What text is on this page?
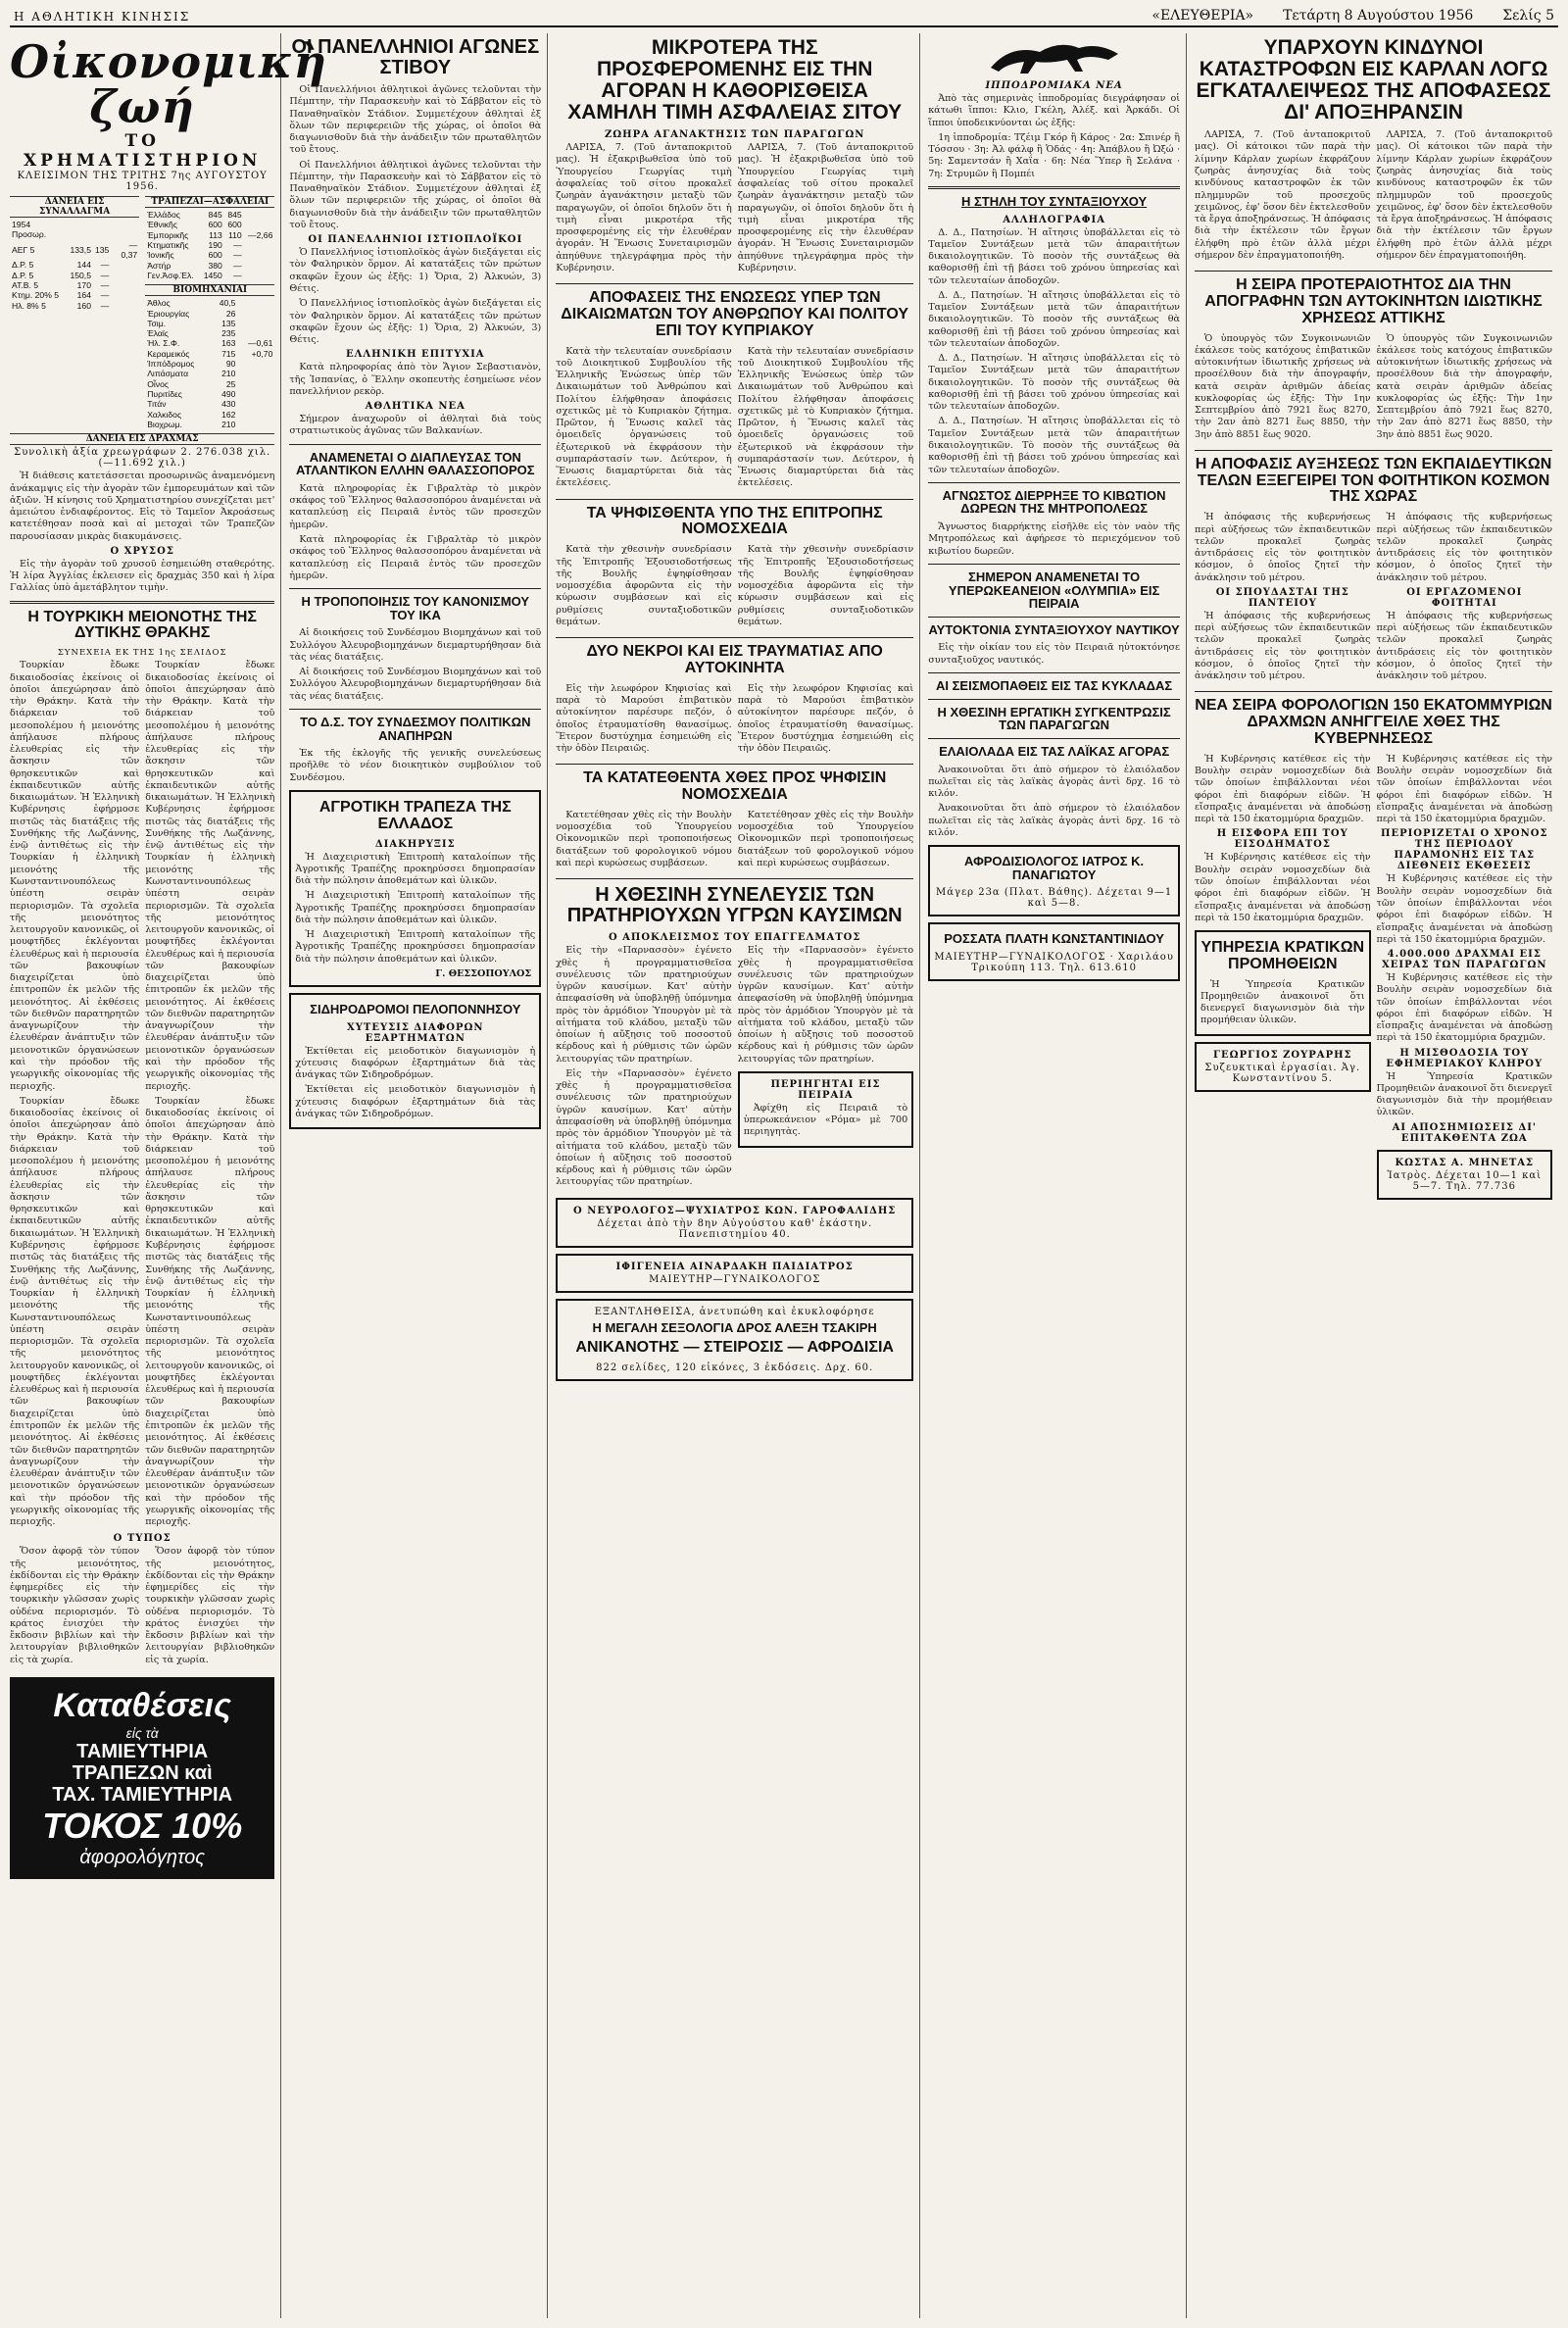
Η ΑΘΛΗΤΙΚΗ ΚΙΝΗΣΙΣ	«ΕΛΕΥΘΕΡΙΑ» Τετάρτη 8 Αυγούστου 1956 Σελίς 5
Οἰκονομικὴ ζωή
ΤΟ ΧΡΗΜΑΤΙΣΤΗΡΙΟΝ
ΚΛΕΙΣΙΜΟΝ ΤΗΣ ΤΡΙΤΗΣ 7ης ΑΥΓΟΥΣΤΟΥ 1956.
ΔΑΝΕΙΑ ΕΙΣ ΣΥΝΑΛΛΑΓΜΑ
1954 Προσωρ.			
ΑΕΓ 5	133,5	135	—0,37
Δ.Ρ. 5	144	—	
Δ.Ρ. 5	150,5	—	
ΑΤ.Β. 5	170	—	
Κτημ. 20% 5	164	—	
Ηλ. 8% 5	160	—	
ΤΡΑΠΕΖΑΙ—ΑΣΦΑΛΕΙΑΙ
Ἑλλάδος	845	845	
Ἐθνικῆς	600	600	
Ἐμπορικῆς	113	110	—2,66
Κτηματικῆς	190	—	
Ἰονικῆς	600	—	
Ἀστήρ	380	—	
Γεν.Ἀσφ.Ἑλ.	1450	—	
ΒΙΟΜΗΧΑΝΙΑΙ
Ἀθλος	40,5	
Ἐριουργίας	26	
Τσιμ.	135	
Ἐλαϊς	235	
Ἠλ. Σ.Φ.	163	—0,61
Κεραμεικός	715	+0,70
Ἱππόδρομος	90	
Λιπάσματα	210	
Οἶνος	25	
Πυριτίδες	490	
Τιτάν	430	
Χαλκιδος	162	
Βιοχρωμ.	210	
ΔΑΝΕΙΑ ΕΙΣ ΔΡΑΧΜΑΣ
Συνολικὴ ἀξία χρεωγράφων 2. 276.038 χιλ. (—11.692 χιλ.)

Ἡ διάθεσις κατετάσσεται προσωρινῶς ἀναμενόμενη ἀνάκαμψις εἰς τὴν ἀγορὰν τῶν ἐμπορευμάτων καὶ τῶν ἀξιῶν. Ἡ κίνησις τοῦ Χρηματιστηρίου συνεχίζεται μετ' ἀμειώτου ἐνδιαφέροντος. Εἰς τὸ Ταμεῖον Ἀκροάσεως κατετέθησαν ποσὰ καὶ αἱ μετοχαὶ τῶν Τραπεζῶν παρουσίασαν μικρὰς διακυμάνσεις.

Ο ΧΡΥΣΟΣ

Εἰς τὴν ἀγορὰν τοῦ χρυσοῦ ἐσημειώθη σταθερότης. Ἡ λίρα Ἀγγλίας ἐκλεισεν εἰς δραχμὰς 350 καὶ ἡ λίρα Γαλλίας ὑπὸ ἀμετάβλητον τιμὴν.

Η ΤΟΥΡΚΙΚΗ ΜΕΙΟΝΟΤΗΣ ΤΗΣ ΔΥΤΙΚΗΣ ΘΡΑΚΗΣ
ΣΥΝΕΧΕΙΑ ΕΚ ΤΗΣ 1ης ΣΕΛΙΔΟΣ

Τουρκίαν ἔδωκε δικαιοδοσίας ἐκείνοις οἱ ὁποῖοι ἀπεχώρησαν ἀπὸ τὴν Θράκην. Κατὰ τὴν διάρκειαν τοῦ μεσοπολέμου ἡ μειονότης ἀπήλαυσε πλήρους ἐλευθερίας εἰς τὴν ἄσκησιν τῶν θρησκευτικῶν καὶ ἐκπαιδευτικῶν αὐτῆς δικαιωμάτων. Ἡ Ἑλληνικὴ Κυβέρνησις ἐφήρμοσε πιστῶς τὰς διατάξεις τῆς Συνθήκης τῆς Λωζάννης, ἐνῷ ἀντιθέτως εἰς τὴν Τουρκίαν ἡ ἑλληνικὴ μειονότης τῆς Κωνσταντινουπόλεως ὑπέστη σειρὰν περιορισμῶν. Τὰ σχολεῖα τῆς μειονότητος λειτουργοῦν κανονικῶς, οἱ μουφτῆδες ἐκλέγονται ἐλευθέρως καὶ ἡ περιουσία τῶν βακουφίων διαχειρίζεται ὑπὸ ἐπιτροπῶν ἐκ μελῶν τῆς μειονότητος. Αἱ ἐκθέσεις τῶν διεθνῶν παρατηρητῶν ἀναγνωρίζουν τὴν ἐλευθέραν ἀνάπτυξιν τῶν μειονοτικῶν ὀργανώσεων καὶ τὴν πρόοδον τῆς γεωργικῆς οἰκονομίας τῆς περιοχῆς.

Τουρκίαν ἔδωκε δικαιοδοσίας ἐκείνοις οἱ ὁποῖοι ἀπεχώρησαν ἀπὸ τὴν Θράκην. Κατὰ τὴν διάρκειαν τοῦ μεσοπολέμου ἡ μειονότης ἀπήλαυσε πλήρους ἐλευθερίας εἰς τὴν ἄσκησιν τῶν θρησκευτικῶν καὶ ἐκπαιδευτικῶν αὐτῆς δικαιωμάτων. Ἡ Ἑλληνικὴ Κυβέρνησις ἐφήρμοσε πιστῶς τὰς διατάξεις τῆς Συνθήκης τῆς Λωζάννης, ἐνῷ ἀντιθέτως εἰς τὴν Τουρκίαν ἡ ἑλληνικὴ μειονότης τῆς Κωνσταντινουπόλεως ὑπέστη σειρὰν περιορισμῶν. Τὰ σχολεῖα τῆς μειονότητος λειτουργοῦν κανονικῶς, οἱ μουφτῆδες ἐκλέγονται ἐλευθέρως καὶ ἡ περιουσία τῶν βακουφίων διαχειρίζεται ὑπὸ ἐπιτροπῶν ἐκ μελῶν τῆς μειονότητος. Αἱ ἐκθέσεις τῶν διεθνῶν παρατηρητῶν ἀναγνωρίζουν τὴν ἐλευθέραν ἀνάπτυξιν τῶν μειονοτικῶν ὀργανώσεων καὶ τὴν πρόοδον τῆς γεωργικῆς οἰκονομίας τῆς περιοχῆς.

Τουρκίαν ἔδωκε δικαιοδοσίας ἐκείνοις οἱ ὁποῖοι ἀπεχώρησαν ἀπὸ τὴν Θράκην. Κατὰ τὴν διάρκειαν τοῦ μεσοπολέμου ἡ μειονότης ἀπήλαυσε πλήρους ἐλευθερίας εἰς τὴν ἄσκησιν τῶν θρησκευτικῶν καὶ ἐκπαιδευτικῶν αὐτῆς δικαιωμάτων. Ἡ Ἑλληνικὴ Κυβέρνησις ἐφήρμοσε πιστῶς τὰς διατάξεις τῆς Συνθήκης τῆς Λωζάννης, ἐνῷ ἀντιθέτως εἰς τὴν Τουρκίαν ἡ ἑλληνικὴ μειονότης τῆς Κωνσταντινουπόλεως ὑπέστη σειρὰν περιορισμῶν. Τὰ σχολεῖα τῆς μειονότητος λειτουργοῦν κανονικῶς, οἱ μουφτῆδες ἐκλέγονται ἐλευθέρως καὶ ἡ περιουσία τῶν βακουφίων διαχειρίζεται ὑπὸ ἐπιτροπῶν ἐκ μελῶν τῆς μειονότητος. Αἱ ἐκθέσεις τῶν διεθνῶν παρατηρητῶν ἀναγνωρίζουν τὴν ἐλευθέραν ἀνάπτυξιν τῶν μειονοτικῶν ὀργανώσεων καὶ τὴν πρόοδον τῆς γεωργικῆς οἰκονομίας τῆς περιοχῆς.

Τουρκίαν ἔδωκε δικαιοδοσίας ἐκείνοις οἱ ὁποῖοι ἀπεχώρησαν ἀπὸ τὴν Θράκην. Κατὰ τὴν διάρκειαν τοῦ μεσοπολέμου ἡ μειονότης ἀπήλαυσε πλήρους ἐλευθερίας εἰς τὴν ἄσκησιν τῶν θρησκευτικῶν καὶ ἐκπαιδευτικῶν αὐτῆς δικαιωμάτων. Ἡ Ἑλληνικὴ Κυβέρνησις ἐφήρμοσε πιστῶς τὰς διατάξεις τῆς Συνθήκης τῆς Λωζάννης, ἐνῷ ἀντιθέτως εἰς τὴν Τουρκίαν ἡ ἑλληνικὴ μειονότης τῆς Κωνσταντινουπόλεως ὑπέστη σειρὰν περιορισμῶν. Τὰ σχολεῖα τῆς μειονότητος λειτουργοῦν κανονικῶς, οἱ μουφτῆδες ἐκλέγονται ἐλευθέρως καὶ ἡ περιουσία τῶν βακουφίων διαχειρίζεται ὑπὸ ἐπιτροπῶν ἐκ μελῶν τῆς μειονότητος. Αἱ ἐκθέσεις τῶν διεθνῶν παρατηρητῶν ἀναγνωρίζουν τὴν ἐλευθέραν ἀνάπτυξιν τῶν μειονοτικῶν ὀργανώσεων καὶ τὴν πρόοδον τῆς γεωργικῆς οἰκονομίας τῆς περιοχῆς.

Ο ΤΥΠΟΣ

Ὅσον ἀφορᾷ τὸν τύπον τῆς μειονότητος, ἐκδίδονται εἰς τὴν Θράκην ἐφημερίδες εἰς τὴν τουρκικὴν γλῶσσαν χωρὶς οὐδένα περιορισμόν. Τὸ κράτος ἐνισχύει τὴν ἔκδοσιν βιβλίων καὶ τὴν λειτουργίαν βιβλιοθηκῶν εἰς τὰ χωρία.

Ὅσον ἀφορᾷ τὸν τύπον τῆς μειονότητος, ἐκδίδονται εἰς τὴν Θράκην ἐφημερίδες εἰς τὴν τουρκικὴν γλῶσσαν χωρὶς οὐδένα περιορισμόν. Τὸ κράτος ἐνισχύει τὴν ἔκδοσιν βιβλίων καὶ τὴν λειτουργίαν βιβλιοθηκῶν εἰς τὰ χωρία.

Καταθέσεις
εἰς τὰ
ΤΑΜΙΕΥΤΗΡΙΑ
ΤΡΑΠΕΖΩΝ καὶ
ΤΑΧ. ΤΑΜΙΕΥΤΗΡΙΑ
ΤΟΚΟΣ 10%
ἀφορολόγητος
ΟΙ ΠΑΝΕΛΛΗΝΙΟΙ ΑΓΩΝΕΣ ΣΤΙΒΟΥ

Οἱ Πανελλήνιοι ἀθλητικοὶ ἀγῶνες τελοῦνται τὴν Πέμπτην, τὴν Παρασκευὴν καὶ τὸ Σάββατον εἰς τὸ Παναθηναϊκὸν Στάδιον. Συμμετέχουν ἀθληταὶ ἐξ ὅλων τῶν περιφερειῶν τῆς χώρας, οἱ ὁποῖοι θὰ διαγωνισθοῦν διὰ τὴν ἀνάδειξιν τῶν πρωταθλητῶν τοῦ ἔτους.

Οἱ Πανελλήνιοι ἀθλητικοὶ ἀγῶνες τελοῦνται τὴν Πέμπτην, τὴν Παρασκευὴν καὶ τὸ Σάββατον εἰς τὸ Παναθηναϊκὸν Στάδιον. Συμμετέχουν ἀθληταὶ ἐξ ὅλων τῶν περιφερειῶν τῆς χώρας, οἱ ὁποῖοι θὰ διαγωνισθοῦν διὰ τὴν ἀνάδειξιν τῶν πρωταθλητῶν τοῦ ἔτους.

ΟΙ ΠΑΝΕΛΛΗΝΙΟΙ ΙΣΤΙΟΠΛΟΪΚΟΙ

Ὁ Πανελλήνιος ἱστιοπλοϊκὸς ἀγὼν διεξάγεται εἰς τὸν Φαληρικὸν ὅρμον. Αἱ κατατάξεις τῶν πρώτων σκαφῶν ἔχουν ὡς ἑξῆς: 1) Ὄρια, 2) Ἀλκυών, 3) Θέτις.

Ὁ Πανελλήνιος ἱστιοπλοϊκὸς ἀγὼν διεξάγεται εἰς τὸν Φαληρικὸν ὅρμον. Αἱ κατατάξεις τῶν πρώτων σκαφῶν ἔχουν ὡς ἑξῆς: 1) Ὄρια, 2) Ἀλκυών, 3) Θέτις.

ΕΛΛΗΝΙΚΗ ΕΠΙΤΥΧΙΑ

Κατὰ πληροφορίας ἀπὸ τὸν Ἄγιον Σεβαστιανὸν, τῆς Ἱσπανίας, ὁ Ἕλλην σκοπευτὴς ἐσημείωσε νέον πανελλήνιον ρεκὸρ.

ΑΘΛΗΤΙΚΑ ΝΕΑ

Σήμερον ἀναχωροῦν οἱ ἀθληταὶ διὰ τοὺς στρατιωτικοὺς ἀγῶνας τῶν Βαλκανίων.

ΑΝΑΜΕΝΕΤΑΙ Ο ΔΙΑΠΛΕΥΣΑΣ ΤΟΝ ΑΤΛΑΝΤΙΚΟΝ ΕΛΛΗΝ ΘΑΛΑΣΣΟΠΟΡΟΣ

Κατὰ πληροφορίας ἐκ Γιβραλτὰρ τὸ μικρὸν σκάφος τοῦ Ἕλληνος θαλασσοπόρου ἀναμένεται νὰ καταπλεύσῃ εἰς Πειραιᾶ ἐντὸς τῶν προσεχῶν ἡμερῶν.

Κατὰ πληροφορίας ἐκ Γιβραλτὰρ τὸ μικρὸν σκάφος τοῦ Ἕλληνος θαλασσοπόρου ἀναμένεται νὰ καταπλεύσῃ εἰς Πειραιᾶ ἐντὸς τῶν προσεχῶν ἡμερῶν.

Η ΤΡΟΠΟΠΟΙΗΣΙΣ ΤΟΥ ΚΑΝΟΝΙΣΜΟΥ ΤΟΥ ΙΚΑ

Αἱ διοικήσεις τοῦ Συνδέσμου Βιομηχάνων καὶ τοῦ Συλλόγου Ἀλευροβιομηχάνων διεμαρτυρήθησαν διὰ τὰς νέας διατάξεις.

Αἱ διοικήσεις τοῦ Συνδέσμου Βιομηχάνων καὶ τοῦ Συλλόγου Ἀλευροβιομηχάνων διεμαρτυρήθησαν διὰ τὰς νέας διατάξεις.

ΤΟ Δ.Σ. ΤΟΥ ΣΥΝΔΕΣΜΟΥ ΠΟΛΙΤΙΚΩΝ ΑΝΑΠΗΡΩΝ

Ἐκ τῆς ἐκλογῆς τῆς γενικῆς συνελεύσεως προῆλθε τὸ νέον διοικητικὸν συμβούλιον τοῦ Συνδέσμου.

ΑΓΡΟΤΙΚΗ ΤΡΑΠΕΖΑ ΤΗΣ ΕΛΛΑΔΟΣ
ΔΙΑΚΗΡΥΞΙΣ

Ἡ Διαχειριστικὴ Ἐπιτροπὴ καταλοίπων τῆς Ἀγροτικῆς Τραπέζης προκηρύσσει δημοπρασίαν διὰ τὴν πώλησιν ἀποθεμάτων καὶ ὑλικῶν.

Ἡ Διαχειριστικὴ Ἐπιτροπὴ καταλοίπων τῆς Ἀγροτικῆς Τραπέζης προκηρύσσει δημοπρασίαν διὰ τὴν πώλησιν ἀποθεμάτων καὶ ὑλικῶν.

Ἡ Διαχειριστικὴ Ἐπιτροπὴ καταλοίπων τῆς Ἀγροτικῆς Τραπέζης προκηρύσσει δημοπρασίαν διὰ τὴν πώλησιν ἀποθεμάτων καὶ ὑλικῶν.

Γ. ΘΕΣΣΟΠΟΥΛΟΣ
ΣΙΔΗΡΟΔΡΟΜΟΙ ΠΕΛΟΠΟΝΝΗΣΟΥ
ΧΥΤΕΥΣΙΣ ΔΙΑΦΟΡΩΝ ΕΞΑΡΤΗΜΑΤΩΝ

Ἐκτίθεται εἰς μειοδοτικὸν διαγωνισμὸν ἡ χύτευσις διαφόρων ἐξαρτημάτων διὰ τὰς ἀνάγκας τῶν Σιδηροδρόμων.

Ἐκτίθεται εἰς μειοδοτικὸν διαγωνισμὸν ἡ χύτευσις διαφόρων ἐξαρτημάτων διὰ τὰς ἀνάγκας τῶν Σιδηροδρόμων.

ΜΙΚΡΟΤΕΡΑ ΤΗΣ ΠΡΟΣΦΕΡΟΜΕΝΗΣ ΕΙΣ ΤΗΝ ΑΓΟΡΑΝ Η ΚΑΘΟΡΙΣΘΕΙΣΑ ΧΑΜΗΛΗ ΤΙΜΗ ΑΣΦΑΛΕΙΑΣ ΣΙΤΟΥ
ΖΩΗΡΑ ΑΓΑΝΑΚΤΗΣΙΣ ΤΩΝ ΠΑΡΑΓΩΓΩΝ

ΛΑΡΙΣΑ, 7. (Τοῦ ἀνταποκριτοῦ μας). Ἡ ἐξακριβωθεῖσα ὑπὸ τοῦ Ὑπουργείου Γεωργίας τιμὴ ἀσφαλείας τοῦ σίτου προκαλεῖ ζωηρὰν ἀγανάκτησιν μεταξὺ τῶν παραγωγῶν, οἱ ὁποῖοι δηλοῦν ὅτι ἡ τιμὴ εἶναι μικροτέρα τῆς προσφερομένης εἰς τὴν ἐλευθέραν ἀγοράν. Ἡ Ἕνωσις Συνεταιρισμῶν ἀπηύθυνε τηλεγράφημα πρὸς τὴν Κυβέρνησιν.

ΛΑΡΙΣΑ, 7. (Τοῦ ἀνταποκριτοῦ μας). Ἡ ἐξακριβωθεῖσα ὑπὸ τοῦ Ὑπουργείου Γεωργίας τιμὴ ἀσφαλείας τοῦ σίτου προκαλεῖ ζωηρὰν ἀγανάκτησιν μεταξὺ τῶν παραγωγῶν, οἱ ὁποῖοι δηλοῦν ὅτι ἡ τιμὴ εἶναι μικροτέρα τῆς προσφερομένης εἰς τὴν ἐλευθέραν ἀγοράν. Ἡ Ἕνωσις Συνεταιρισμῶν ἀπηύθυνε τηλεγράφημα πρὸς τὴν Κυβέρνησιν.

ΑΠΟΦΑΣΕΙΣ ΤΗΣ ΕΝΩΣΕΩΣ ΥΠΕΡ ΤΩΝ ΔΙΚΑΙΩΜΑΤΩΝ ΤΟΥ ΑΝΘΡΩΠΟΥ ΚΑΙ ΠΟΛΙΤΟΥ ΕΠΙ ΤΟΥ ΚΥΠΡΙΑΚΟΥ

Κατὰ τὴν τελευταίαν συνεδρίασιν τοῦ Διοικητικοῦ Συμβουλίου τῆς Ἑλληνικῆς Ἑνώσεως ὑπὲρ τῶν Δικαιωμάτων τοῦ Ἀνθρώπου καὶ Πολίτου ἐλήφθησαν ἀποφάσεις σχετικῶς μὲ τὸ Κυπριακὸν ζήτημα. Πρῶτον, ἡ Ἕνωσις καλεῖ τὰς ὁμοειδεῖς ὀργανώσεις τοῦ ἐξωτερικοῦ νὰ ἐκφράσουν τὴν συμπαράστασίν των. Δεύτερον, ἡ Ἕνωσις διαμαρτύρεται διὰ τὰς ἐκτελέσεις.

Κατὰ τὴν τελευταίαν συνεδρίασιν τοῦ Διοικητικοῦ Συμβουλίου τῆς Ἑλληνικῆς Ἑνώσεως ὑπὲρ τῶν Δικαιωμάτων τοῦ Ἀνθρώπου καὶ Πολίτου ἐλήφθησαν ἀποφάσεις σχετικῶς μὲ τὸ Κυπριακὸν ζήτημα. Πρῶτον, ἡ Ἕνωσις καλεῖ τὰς ὁμοειδεῖς ὀργανώσεις τοῦ ἐξωτερικοῦ νὰ ἐκφράσουν τὴν συμπαράστασίν των. Δεύτερον, ἡ Ἕνωσις διαμαρτύρεται διὰ τὰς ἐκτελέσεις.

ΤΑ ΨΗΦΙΣΘΕΝΤΑ ΥΠΟ ΤΗΣ ΕΠΙΤΡΟΠΗΣ ΝΟΜΟΣΧΕΔΙΑ

Κατὰ τὴν χθεσινὴν συνεδρίασιν τῆς Ἐπιτροπῆς Ἐξουσιοδοτήσεως τῆς Βουλῆς ἐψηφίσθησαν νομοσχέδια ἀφορῶντα εἰς τὴν κύρωσιν συμβάσεων καὶ εἰς ρυθμίσεις συνταξιοδοτικῶν θεμάτων.

Κατὰ τὴν χθεσινὴν συνεδρίασιν τῆς Ἐπιτροπῆς Ἐξουσιοδοτήσεως τῆς Βουλῆς ἐψηφίσθησαν νομοσχέδια ἀφορῶντα εἰς τὴν κύρωσιν συμβάσεων καὶ εἰς ρυθμίσεις συνταξιοδοτικῶν θεμάτων.

ΔΥΟ ΝΕΚΡΟΙ ΚΑΙ ΕΙΣ ΤΡΑΥΜΑΤΙΑΣ ΑΠΟ ΑΥΤΟΚΙΝΗΤΑ

Εἰς τὴν λεωφόρον Κηφισίας καὶ παρὰ τὸ Μαρούσι ἐπιβατικὸν αὐτοκίνητον παρέσυρε πεζόν, ὁ ὁποῖος ἐτραυματίσθη θανασίμως. Ἕτερον δυστύχημα ἐσημειώθη εἰς τὴν ὁδὸν Πειραιῶς.

Εἰς τὴν λεωφόρον Κηφισίας καὶ παρὰ τὸ Μαρούσι ἐπιβατικὸν αὐτοκίνητον παρέσυρε πεζόν, ὁ ὁποῖος ἐτραυματίσθη θανασίμως. Ἕτερον δυστύχημα ἐσημειώθη εἰς τὴν ὁδὸν Πειραιῶς.

ΤΑ ΚΑΤΑΤΕΘΕΝΤΑ ΧΘΕΣ ΠΡΟΣ ΨΗΦΙΣΙΝ ΝΟΜΟΣΧΕΔΙΑ

Κατετέθησαν χθὲς εἰς τὴν Βουλὴν νομοσχέδια τοῦ Ὑπουργείου Οἰκονομικῶν περὶ τροποποιήσεως διατάξεων τοῦ φορολογικοῦ νόμου καὶ περὶ κυρώσεως συμβάσεων.

Κατετέθησαν χθὲς εἰς τὴν Βουλὴν νομοσχέδια τοῦ Ὑπουργείου Οἰκονομικῶν περὶ τροποποιήσεως διατάξεων τοῦ φορολογικοῦ νόμου καὶ περὶ κυρώσεως συμβάσεων.

Η ΧΘΕΣΙΝΗ ΣΥΝΕΛΕΥΣΙΣ ΤΩΝ ΠΡΑΤΗΡΙΟΥΧΩΝ ΥΓΡΩΝ ΚΑΥΣΙΜΩΝ
Ο ΑΠΟΚΛΕΙΣΜΟΣ ΤΟΥ ΕΠΑΓΓΕΛΜΑΤΟΣ

Εἰς τὴν «Παρνασσὸν» ἐγένετο χθὲς ἡ προγραμματισθεῖσα συνέλευσις τῶν πρατηριούχων ὑγρῶν καυσίμων. Κατ' αὐτὴν ἀπεφασίσθη νὰ ὑποβληθῇ ὑπόμνημα πρὸς τὸν ἁρμόδιον Ὑπουργὸν μὲ τὰ αἰτήματα τοῦ κλάδου, μεταξὺ τῶν ὁποίων ἡ αὔξησις τοῦ ποσοστοῦ κέρδους καὶ ἡ ρύθμισις τῶν ὡρῶν λειτουργίας τῶν πρατηρίων.

Εἰς τὴν «Παρνασσὸν» ἐγένετο χθὲς ἡ προγραμματισθεῖσα συνέλευσις τῶν πρατηριούχων ὑγρῶν καυσίμων. Κατ' αὐτὴν ἀπεφασίσθη νὰ ὑποβληθῇ ὑπόμνημα πρὸς τὸν ἁρμόδιον Ὑπουργὸν μὲ τὰ αἰτήματα τοῦ κλάδου, μεταξὺ τῶν ὁποίων ἡ αὔξησις τοῦ ποσοστοῦ κέρδους καὶ ἡ ρύθμισις τῶν ὡρῶν λειτουργίας τῶν πρατηρίων.

Εἰς τὴν «Παρνασσὸν» ἐγένετο χθὲς ἡ προγραμματισθεῖσα συνέλευσις τῶν πρατηριούχων ὑγρῶν καυσίμων. Κατ' αὐτὴν ἀπεφασίσθη νὰ ὑποβληθῇ ὑπόμνημα πρὸς τὸν ἁρμόδιον Ὑπουργὸν μὲ τὰ αἰτήματα τοῦ κλάδου, μεταξὺ τῶν ὁποίων ἡ αὔξησις τοῦ ποσοστοῦ κέρδους καὶ ἡ ρύθμισις τῶν ὡρῶν λειτουργίας τῶν πρατηρίων.

ΠΕΡΙΗΓΗΤΑΙ ΕΙΣ ΠΕΙΡΑΙΑ

Ἀφίχθη εἰς Πειραιᾶ τὸ ὑπερωκεάνειον «Ρόμα» μὲ 700 περιηγητὰς.

Ο ΝΕΥΡΟΛΟΓΟΣ—ΨΥΧΙΑΤΡΟΣ ΚΩΝ. ΓΑΡΟΦΑΛΙΔΗΣ
Δέχεται ἀπὸ τὴν 8ην Αὐγούστου καθ' ἑκάστην. Πανεπιστημίου 40.
ΙΦΙΓΕΝΕΙΑ ΑΙΝΑΡΔΑΚΗ ΠΑΙΔΙΑΤΡΟΣ
ΜΑΙΕΥΤΗΡ—ΓΥΝΑΙΚΟΛΟΓΟΣ
ΕΞΑΝΤΛΗΘΕΙΣΑ, ἀνετυπώθη καὶ ἐκυκλοφόρησε
Η ΜΕΓΑΛΗ ΣΕΞΟΛΟΓΙΑ ΔΡΟΣ ΑΛΕΞΗ ΤΣΑΚΙΡΗ
ΑΝΙΚΑΝΟΤΗΣ — ΣΤΕΙΡΟΣΙΣ — ΑΦΡΟΔΙΣΙΑ
822 σελίδες, 120 εἰκόνες, 3 ἐκδόσεις. Δρχ. 60.
ΙΠΠΟΔΡΟΜΙΑΚΑ ΝΕΑ

Ἀπὸ τὰς σημερινὰς ἱπποδρομίας διεγράφησαν οἱ κάτωθι ἵπποι: Κλιο, Γκέλη, Ἀλέξ. καὶ Ἀρκάδι. Οἱ ἵπποι ὑποδεικνύονται ὡς ἑξῆς:

1η ἱπποδρομία: Τζέιμ Γκόρ ἢ Κάρος · 2α: Σπινέρ ἢ Τόσσου · 3η: Ἀλ φάλφ ἢ Ὁδάς · 4η: Ἀπάβλου ἢ Ὠξώ · 5η: Σαμεντσάν ἢ Χαΐα · 6η: Νέα Ὕπερ ἢ Σελάνα · 7η: Στρυμῶν ἢ Πομπέι

Η ΣΤΗΛΗ ΤΟΥ ΣΥΝΤΑΞΙΟΥΧΟΥ
ΑΛΛΗΛΟΓΡΑΦΙΑ

Δ. Δ., Πατησίων. Ἡ αἴτησις ὑποβάλλεται εἰς τὸ Ταμεῖον Συντάξεων μετὰ τῶν ἀπαραιτήτων δικαιολογητικῶν. Τὸ ποσὸν τῆς συντάξεως θὰ καθορισθῇ ἐπὶ τῇ βάσει τοῦ χρόνου ὑπηρεσίας καὶ τῶν τελευταίων ἀποδοχῶν.

Δ. Δ., Πατησίων. Ἡ αἴτησις ὑποβάλλεται εἰς τὸ Ταμεῖον Συντάξεων μετὰ τῶν ἀπαραιτήτων δικαιολογητικῶν. Τὸ ποσὸν τῆς συντάξεως θὰ καθορισθῇ ἐπὶ τῇ βάσει τοῦ χρόνου ὑπηρεσίας καὶ τῶν τελευταίων ἀποδοχῶν.

Δ. Δ., Πατησίων. Ἡ αἴτησις ὑποβάλλεται εἰς τὸ Ταμεῖον Συντάξεων μετὰ τῶν ἀπαραιτήτων δικαιολογητικῶν. Τὸ ποσὸν τῆς συντάξεως θὰ καθορισθῇ ἐπὶ τῇ βάσει τοῦ χρόνου ὑπηρεσίας καὶ τῶν τελευταίων ἀποδοχῶν.

Δ. Δ., Πατησίων. Ἡ αἴτησις ὑποβάλλεται εἰς τὸ Ταμεῖον Συντάξεων μετὰ τῶν ἀπαραιτήτων δικαιολογητικῶν. Τὸ ποσὸν τῆς συντάξεως θὰ καθορισθῇ ἐπὶ τῇ βάσει τοῦ χρόνου ὑπηρεσίας καὶ τῶν τελευταίων ἀποδοχῶν.

ΑΓΝΩΣΤΟΣ ΔΙΕΡΡΗΞΕ ΤΟ ΚΙΒΩΤΙΟΝ ΔΩΡΕΩΝ ΤΗΣ ΜΗΤΡΟΠΟΛΕΩΣ

Ἄγνωστος διαρρήκτης εἰσῆλθε εἰς τὸν ναὸν τῆς Μητροπόλεως καὶ ἀφήρεσε τὸ περιεχόμενον τοῦ κιβωτίου δωρεῶν.

ΣΗΜΕΡΟΝ ΑΝΑΜΕΝΕΤΑΙ ΤΟ ΥΠΕΡΩΚΕΑΝΕΙΟΝ «ΟΛΥΜΠΙΑ» ΕΙΣ ΠΕΙΡΑΙΑ
ΑΥΤΟΚΤΟΝΙΑ ΣΥΝΤΑΞΙΟΥΧΟΥ ΝΑΥΤΙΚΟΥ

Εἰς τὴν οἰκίαν του εἰς τὸν Πειραιᾶ ηὐτοκτόνησε συνταξιοῦχος ναυτικός.

ΑΙ ΣΕΙΣΜΟΠΑΘΕΙΣ ΕΙΣ ΤΑΣ ΚΥΚΛΑΔΑΣ
Η ΧΘΕΣΙΝΗ ΕΡΓΑΤΙΚΗ ΣΥΓΚΕΝΤΡΩΣΙΣ ΤΩΝ ΠΑΡΑΓΩΓΩΝ
ΕΛΑΙΟΛΑΔΑ ΕΙΣ ΤΑΣ ΛΑΪΚΑΣ ΑΓΟΡΑΣ

Ἀνακοινοῦται ὅτι ἀπὸ σήμερον τὸ ἐλαιόλαδον πωλεῖται εἰς τὰς λαϊκὰς ἀγορὰς ἀντὶ δρχ. 16 τὸ κιλόν.

Ἀνακοινοῦται ὅτι ἀπὸ σήμερον τὸ ἐλαιόλαδον πωλεῖται εἰς τὰς λαϊκὰς ἀγορὰς ἀντὶ δρχ. 16 τὸ κιλόν.

ΑΦΡΟΔΙΣΙΟΛΟΓΟΣ ΙΑΤΡΟΣ Κ. ΠΑΝΑΓΙΩΤΟΥ
Μάγερ 23α (Πλατ. Βάθης). Δέχεται 9—1 καὶ 5—8.
ΡΟΣΣΑΤΑ ΠΛΑΤΗ ΚΩΝΣΤΑΝΤΙΝΙΔΟΥ
ΜΑΙΕΥΤΗΡ—ΓΥΝΑΙΚΟΛΟΓΟΣ · Χαριλάου Τρικούπη 113. Τηλ. 613.610
ΥΠΑΡΧΟΥΝ ΚΙΝΔΥΝΟΙ ΚΑΤΑΣΤΡΟΦΩΝ ΕΙΣ ΚΑΡΛΑΝ ΛΟΓΩ ΕΓΚΑΤΑΛΕΙΨΕΩΣ ΤΗΣ ΑΠΟΦΑΣΕΩΣ ΔΙ' ΑΠΟΞΗΡΑΝΣΙΝ

ΛΑΡΙΣΑ, 7. (Τοῦ ἀνταποκριτοῦ μας). Οἱ κάτοικοι τῶν παρὰ τὴν λίμνην Κάρλαν χωρίων ἐκφράζουν ζωηρὰς ἀνησυχίας διὰ τοὺς κινδύνους καταστροφῶν ἐκ τῶν πλημμυρῶν τοῦ προσεχοῦς χειμῶνος, ἐφ' ὅσον δὲν ἐκτελεσθοῦν τὰ ἔργα ἀποξηράνσεως. Ἡ ἀπόφασις διὰ τὴν ἐκτέλεσιν τῶν ἔργων ἐλήφθη πρὸ ἐτῶν ἀλλὰ μέχρι σήμερον δὲν ἐπραγματοποιήθη.

ΛΑΡΙΣΑ, 7. (Τοῦ ἀνταποκριτοῦ μας). Οἱ κάτοικοι τῶν παρὰ τὴν λίμνην Κάρλαν χωρίων ἐκφράζουν ζωηρὰς ἀνησυχίας διὰ τοὺς κινδύνους καταστροφῶν ἐκ τῶν πλημμυρῶν τοῦ προσεχοῦς χειμῶνος, ἐφ' ὅσον δὲν ἐκτελεσθοῦν τὰ ἔργα ἀποξηράνσεως. Ἡ ἀπόφασις διὰ τὴν ἐκτέλεσιν τῶν ἔργων ἐλήφθη πρὸ ἐτῶν ἀλλὰ μέχρι σήμερον δὲν ἐπραγματοποιήθη.

Η ΣΕΙΡΑ ΠΡΟΤΕΡΑΙΟΤΗΤΟΣ ΔΙΑ ΤΗΝ ΑΠΟΓΡΑΦΗΝ ΤΩΝ ΑΥΤΟΚΙΝΗΤΩΝ ΙΔΙΩΤΙΚΗΣ ΧΡΗΣΕΩΣ ΑΤΤΙΚΗΣ

Ὁ ὑπουργὸς τῶν Συγκοινωνιῶν ἐκάλεσε τοὺς κατόχους ἐπιβατικῶν αὐτοκινήτων ἰδιωτικῆς χρήσεως νὰ προσέλθουν διὰ τὴν ἀπογραφήν, κατὰ σειρὰν ἀριθμῶν ἀδείας κυκλοφορίας ὡς ἑξῆς: Τὴν 1ην Σεπτεμβρίου ἀπὸ 7921 ἕως 8270, τὴν 2αν ἀπὸ 8271 ἕως 8850, τὴν 3ην ἀπὸ 8851 ἕως 9020.

Ὁ ὑπουργὸς τῶν Συγκοινωνιῶν ἐκάλεσε τοὺς κατόχους ἐπιβατικῶν αὐτοκινήτων ἰδιωτικῆς χρήσεως νὰ προσέλθουν διὰ τὴν ἀπογραφήν, κατὰ σειρὰν ἀριθμῶν ἀδείας κυκλοφορίας ὡς ἑξῆς: Τὴν 1ην Σεπτεμβρίου ἀπὸ 7921 ἕως 8270, τὴν 2αν ἀπὸ 8271 ἕως 8850, τὴν 3ην ἀπὸ 8851 ἕως 9020.

Η ΑΠΟΦΑΣΙΣ ΑΥΞΗΣΕΩΣ ΤΩΝ ΕΚΠΑΙΔΕΥΤΙΚΩΝ ΤΕΛΩΝ ΕΞΕΓΕΙΡΕΙ ΤΟΝ ΦΟΙΤΗΤΙΚΟΝ ΚΟΣΜΟΝ ΤΗΣ ΧΩΡΑΣ

Ἡ ἀπόφασις τῆς κυβερνήσεως περὶ αὐξήσεως τῶν ἐκπαιδευτικῶν τελῶν προκαλεῖ ζωηρὰς ἀντιδράσεις εἰς τὸν φοιτητικὸν κόσμον, ὁ ὁποῖος ζητεῖ τὴν ἀνάκλησιν τοῦ μέτρου.

ΟΙ ΣΠΟΥΔΑΣΤΑΙ ΤΗΣ ΠΑΝΤΕΙΟΥ

Ἡ ἀπόφασις τῆς κυβερνήσεως περὶ αὐξήσεως τῶν ἐκπαιδευτικῶν τελῶν προκαλεῖ ζωηρὰς ἀντιδράσεις εἰς τὸν φοιτητικὸν κόσμον, ὁ ὁποῖος ζητεῖ τὴν ἀνάκλησιν τοῦ μέτρου.

Ἡ ἀπόφασις τῆς κυβερνήσεως περὶ αὐξήσεως τῶν ἐκπαιδευτικῶν τελῶν προκαλεῖ ζωηρὰς ἀντιδράσεις εἰς τὸν φοιτητικὸν κόσμον, ὁ ὁποῖος ζητεῖ τὴν ἀνάκλησιν τοῦ μέτρου.

ΟΙ ΕΡΓΑΖΟΜΕΝΟΙ ΦΟΙΤΗΤΑΙ

Ἡ ἀπόφασις τῆς κυβερνήσεως περὶ αὐξήσεως τῶν ἐκπαιδευτικῶν τελῶν προκαλεῖ ζωηρὰς ἀντιδράσεις εἰς τὸν φοιτητικὸν κόσμον, ὁ ὁποῖος ζητεῖ τὴν ἀνάκλησιν τοῦ μέτρου.

ΝΕΑ ΣΕΙΡΑ ΦΟΡΟΛΟΓΙΩΝ 150 ΕΚΑΤΟΜΜΥΡΙΩΝ ΔΡΑΧΜΩΝ ΑΝΗΓΓΕΙΛΕ ΧΘΕΣ ΤΗΣ ΚΥΒΕΡΝΗΣΕΩΣ

Ἡ Κυβέρνησις κατέθεσε εἰς τὴν Βουλὴν σειρὰν νομοσχεδίων διὰ τῶν ὁποίων ἐπιβάλλονται νέοι φόροι ἐπὶ διαφόρων εἰδῶν. Ἡ εἴσπραξις ἀναμένεται νὰ ἀποδώσῃ περὶ τὰ 150 ἑκατομμύρια δραχμῶν.

Η ΕΙΣΦΟΡΑ ΕΠΙ ΤΟΥ ΕΙΣΟΔΗΜΑΤΟΣ

Ἡ Κυβέρνησις κατέθεσε εἰς τὴν Βουλὴν σειρὰν νομοσχεδίων διὰ τῶν ὁποίων ἐπιβάλλονται νέοι φόροι ἐπὶ διαφόρων εἰδῶν. Ἡ εἴσπραξις ἀναμένεται νὰ ἀποδώσῃ περὶ τὰ 150 ἑκατομμύρια δραχμῶν.

ΥΠΗΡΕΣΙΑ ΚΡΑΤΙΚΩΝ ΠΡΟΜΗΘΕΙΩΝ

Ἡ Ὑπηρεσία Κρατικῶν Προμηθειῶν ἀνακοινοῖ ὅτι διενεργεῖ διαγωνισμὸν διὰ τὴν προμήθειαν ὑλικῶν.

ΓΕΩΡΓΙΟΣ ΖΟΥΡΑΡΗΣ
Συζευκτικαὶ ἐργασίαι. Ἀγ. Κωνσταντίνου 5.

Ἡ Κυβέρνησις κατέθεσε εἰς τὴν Βουλὴν σειρὰν νομοσχεδίων διὰ τῶν ὁποίων ἐπιβάλλονται νέοι φόροι ἐπὶ διαφόρων εἰδῶν. Ἡ εἴσπραξις ἀναμένεται νὰ ἀποδώσῃ περὶ τὰ 150 ἑκατομμύρια δραχμῶν.

ΠΕΡΙΟΡΙΖΕΤΑΙ Ο ΧΡΟΝΟΣ ΤΗΣ ΠΕΡΙΟΔΟΥ ΠΑΡΑΜΟΝΗΣ ΕΙΣ ΤΑΣ ΔΙΕΘΝΕΙΣ ΕΚΘΕΣΕΙΣ

Ἡ Κυβέρνησις κατέθεσε εἰς τὴν Βουλὴν σειρὰν νομοσχεδίων διὰ τῶν ὁποίων ἐπιβάλλονται νέοι φόροι ἐπὶ διαφόρων εἰδῶν. Ἡ εἴσπραξις ἀναμένεται νὰ ἀποδώσῃ περὶ τὰ 150 ἑκατομμύρια δραχμῶν.

4.000.000 ΔΡΑΧΜΑΙ ΕΙΣ ΧΕΙΡΑΣ ΤΩΝ ΠΑΡΑΓΩΓΩΝ

Ἡ Κυβέρνησις κατέθεσε εἰς τὴν Βουλὴν σειρὰν νομοσχεδίων διὰ τῶν ὁποίων ἐπιβάλλονται νέοι φόροι ἐπὶ διαφόρων εἰδῶν. Ἡ εἴσπραξις ἀναμένεται νὰ ἀποδώσῃ περὶ τὰ 150 ἑκατομμύρια δραχμῶν.

Η ΜΙΣΘΟΔΟΣΙΑ ΤΟΥ ΕΦΗΜΕΡΙΑΚΟΥ ΚΛΗΡΟΥ

Ἡ Ὑπηρεσία Κρατικῶν Προμηθειῶν ἀνακοινοῖ ὅτι διενεργεῖ διαγωνισμὸν διὰ τὴν προμήθειαν ὑλικῶν.

ΑΙ ΑΠΟΣΗΜΙΩΣΕΙΣ ΔΙ' ΕΠΙΤΑΚΘΕΝΤΑ ΖΩΑ
ΚΩΣΤΑΣ Α. ΜΗΝΕΤΑΣ
Ἰατρὸς. Δέχεται 10—1 καὶ 5—7. Τηλ. 77.736
